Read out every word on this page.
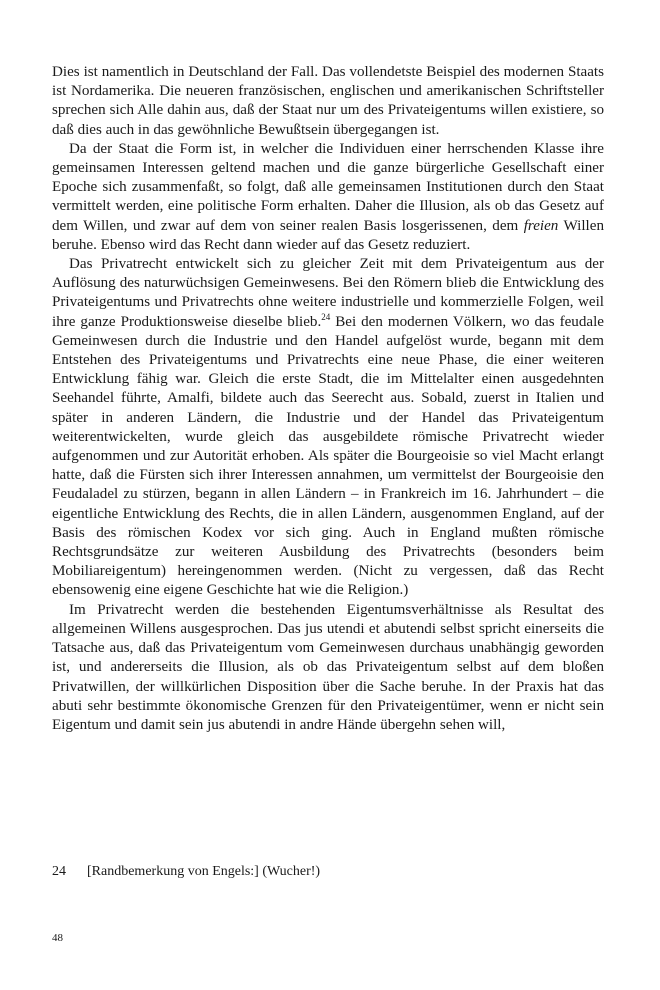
Dies ist namentlich in Deutschland der Fall. Das vollendetste Beispiel des modernen Staats ist Nordamerika. Die neueren französischen, englischen und amerikanischen Schriftsteller sprechen sich Alle dahin aus, daß der Staat nur um des Privateigentums willen existiere, so daß dies auch in das gewöhnliche Bewußtsein übergegangen ist.

Da der Staat die Form ist, in welcher die Individuen einer herrschenden Klasse ihre gemeinsamen Interessen geltend machen und die ganze bürgerliche Gesellschaft einer Epoche sich zusammenfaßt, so folgt, daß alle gemeinsamen Institutionen durch den Staat vermittelt werden, eine politische Form erhalten. Daher die Illusion, als ob das Gesetz auf dem Willen, und zwar auf dem von seiner realen Basis losgerissenen, dem freien Willen beruhe. Ebenso wird das Recht dann wieder auf das Gesetz reduziert.

Das Privatrecht entwickelt sich zu gleicher Zeit mit dem Privateigentum aus der Auflösung des naturwüchsigen Gemeinwesens. Bei den Römern blieb die Entwicklung des Privateigentums und Privatrechts ohne weitere industrielle und kommerzielle Folgen, weil ihre ganze Produktionsweise dieselbe blieb.$^{24}$ Bei den modernen Völkern, wo das feudale Gemeinwesen durch die Industrie und den Handel aufgelöst wurde, begann mit dem Entstehen des Privateigentums und Privatrechts eine neue Phase, die einer weiteren Entwicklung fähig war. Gleich die erste Stadt, die im Mittelalter einen ausgedehnten Seehandel führte, Amalfi, bildete auch das Seerecht aus. Sobald, zuerst in Italien und später in anderen Ländern, die Industrie und der Handel das Privateigentum weiterentwickelten, wurde gleich das ausgebildete römische Privatrecht wieder aufgenommen und zur Autorität erhoben. Als später die Bourgeoisie so viel Macht erlangt hatte, daß die Fürsten sich ihrer Interessen annahmen, um vermittelst der Bourgeoisie den Feudaladel zu stürzen, begann in allen Ländern – in Frankreich im 16. Jahrhundert – die eigentliche Entwicklung des Rechts, die in allen Ländern, ausgenommen England, auf der Basis des römischen Kodex vor sich ging. Auch in England mußten römische Rechtsgrundsätze zur weiteren Ausbildung des Privatrechts (besonders beim Mobiliareigentum) hereingenommen werden. (Nicht zu vergessen, daß das Recht ebensowenig eine eigene Geschichte hat wie die Religion.)

Im Privatrecht werden die bestehenden Eigentumsverhältnisse als Resultat des allgemeinen Willens ausgesprochen. Das jus utendi et abutendi selbst spricht einerseits die Tatsache aus, daß das Privateigentum vom Gemeinwesen durchaus unabhängig geworden ist, und andererseits die Illusion, als ob das Privateigentum selbst auf dem bloßen Privatwillen, der willkürlichen Disposition über die Sache beruhe. In der Praxis hat das abuti sehr bestimmte ökonomische Grenzen für den Privateigentümer, wenn er nicht sein Eigentum und damit sein jus abutendi in andre Hände übergehn sehen will,

24 [Randbemerkung von Engels:] (Wucher!)
48
